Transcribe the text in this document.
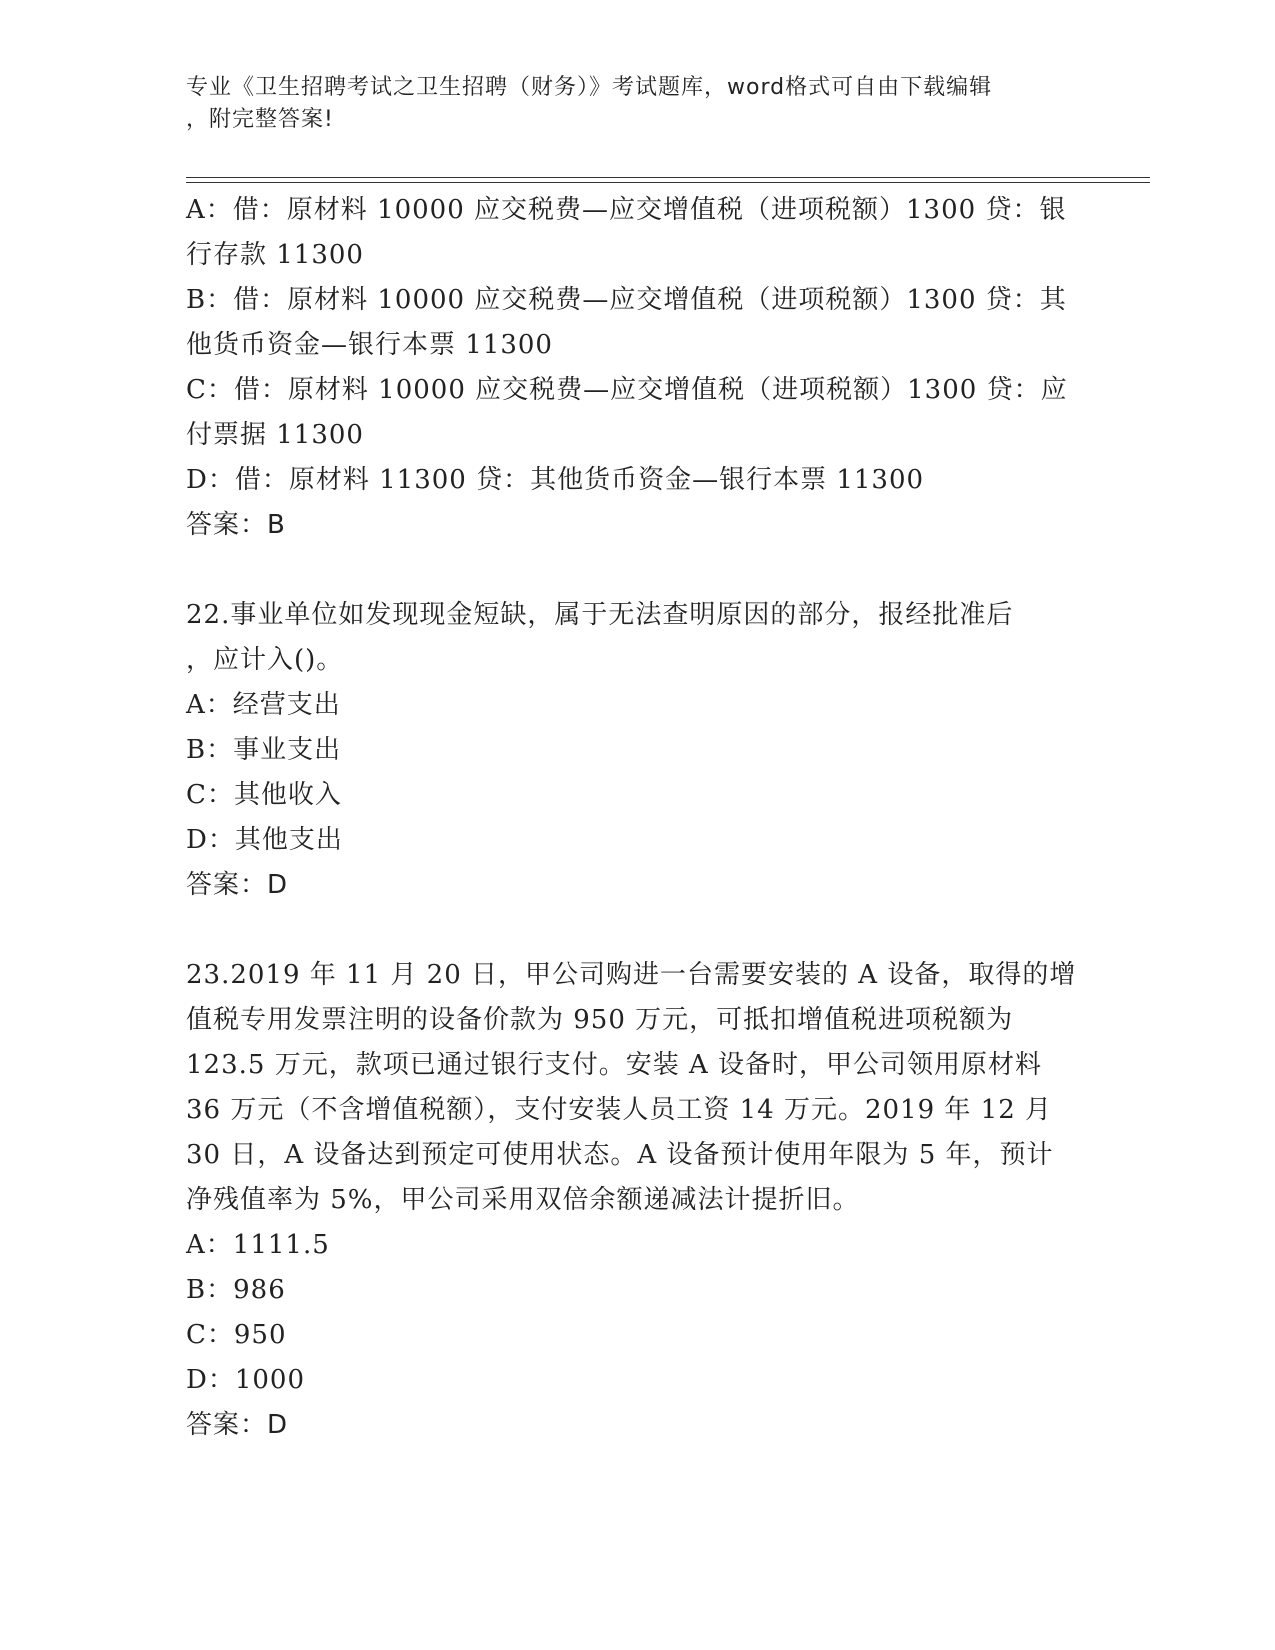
专业《卫生招聘考试之卫生招聘（财务）》考试题库，word格式可自由下载编辑
，附完整答案!
A：借：原材料 10000 应交税费—应交增值税（进项税额）1300 贷：银
行存款 11300
B：借：原材料 10000 应交税费—应交增值税（进项税额）1300 贷：其
他货币资金—银行本票 11300
C：借：原材料 10000 应交税费—应交增值税（进项税额）1300 贷：应
付票据 11300
D：借：原材料 11300 贷：其他货币资金—银行本票 11300
答案：B
22.事业单位如发现现金短缺，属于无法查明原因的部分，报经批准后
，应计入()。
A：经营支出
B：事业支出
C：其他收入
D：其他支出
答案：D
23.2019 年 11 月 20 日，甲公司购进一台需要安装的 A 设备，取得的增
值税专用发票注明的设备价款为 950 万元，可抵扣增值税进项税额为
123.5 万元，款项已通过银行支付。安装 A 设备时，甲公司领用原材料
36 万元（不含增值税额），支付安装人员工资 14 万元。2019 年 12 月
30 日，A 设备达到预定可使用状态。A 设备预计使用年限为 5 年，预计
净残值率为 5%，甲公司采用双倍余额递减法计提折旧。
A：1111.5
B：986
C：950
D：1000
答案：D
